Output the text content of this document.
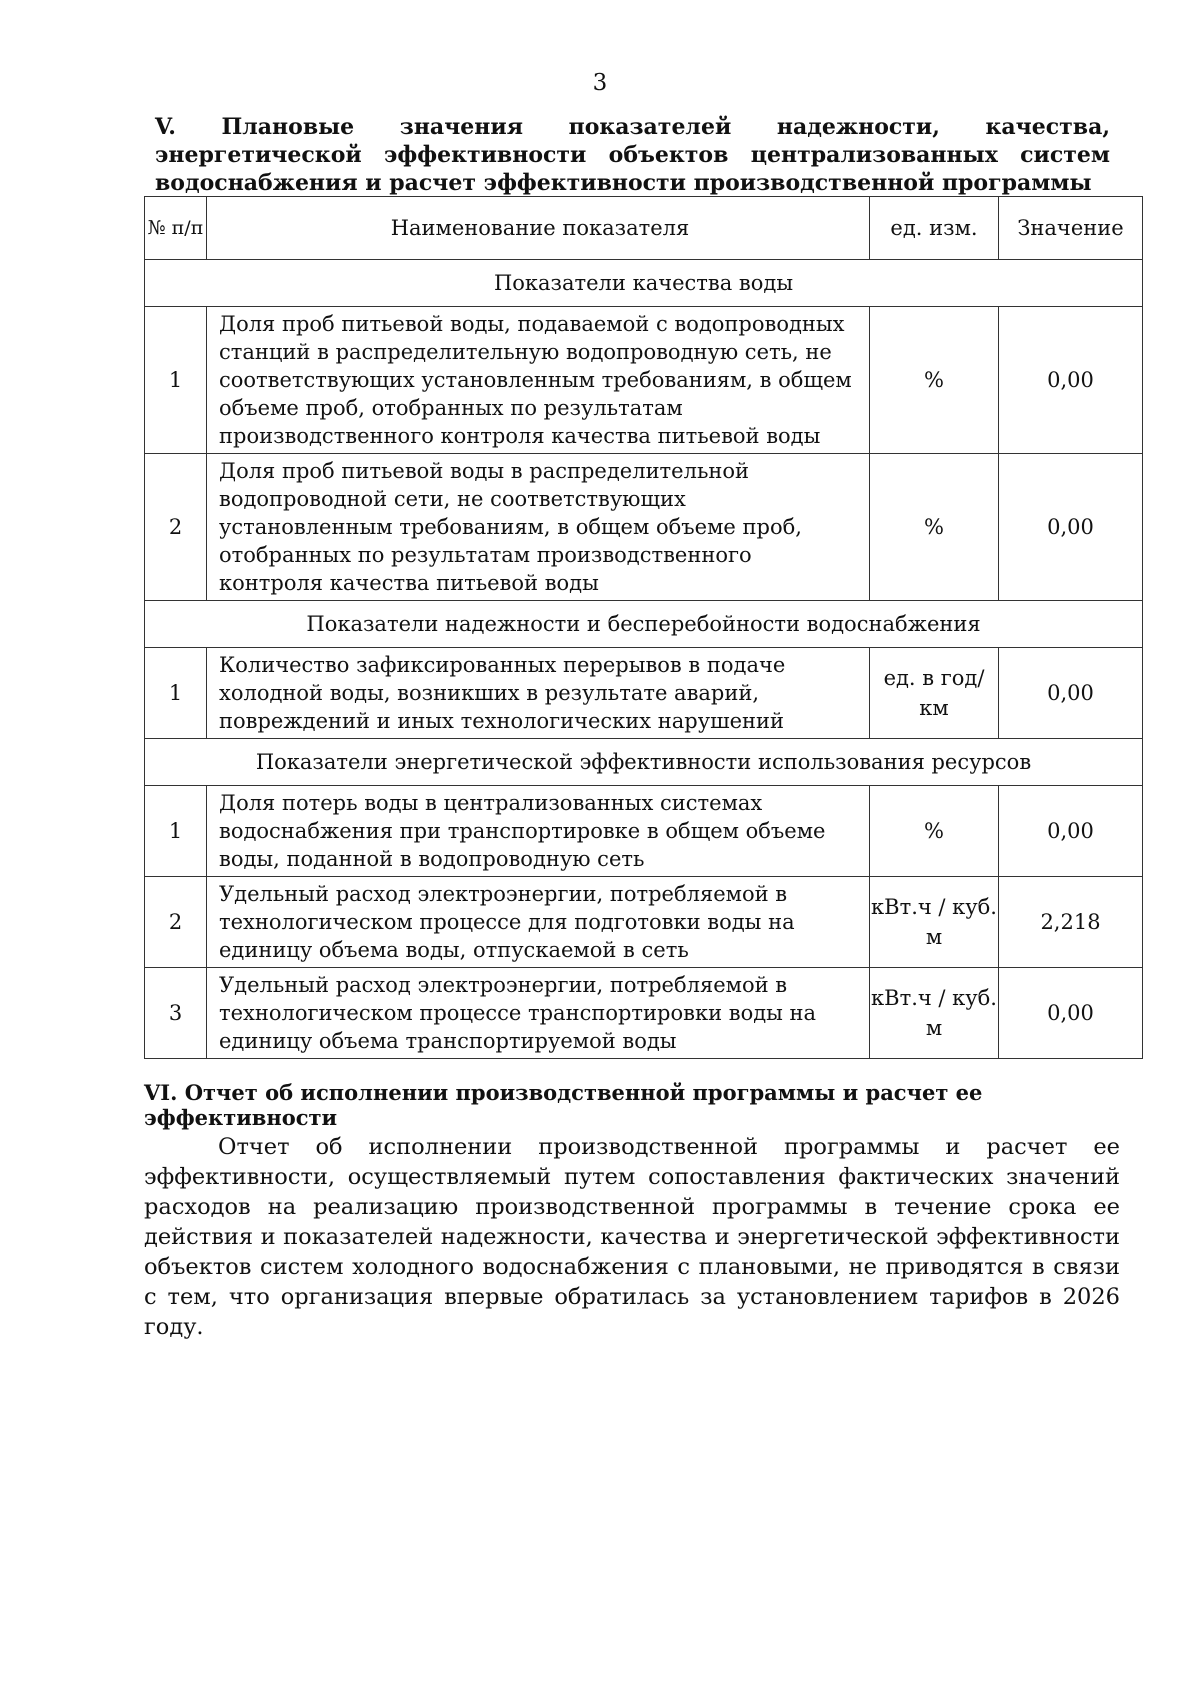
3
V. Плановые значения показателей надежности, качества, энергетической эффективности объектов централизованных систем водоснабжения и расчет эффективности производственной программы
№ п/п	Наименование показателя	ед. изм.	Значение
Показатели качества воды			
1	Доля проб питьевой воды, подаваемой с водопроводных станций в распределительную водопроводную сеть, не соответствующих установленным требованиям, в общем объеме проб, отобранных по результатам производственного контроля качества питьевой воды	%	0,00
2	Доля проб питьевой воды в распределительной водопроводной сети, не соответствующих установленным требованиям, в общем объеме проб, отобранных по результатам производственного контроля качества питьевой воды	%	0,00
Показатели надежности и бесперебойности водоснабжения			
1	Количество зафиксированных перерывов в подаче холодной воды, возникших в результате аварий, повреждений и иных технологических нарушений	ед. в год/ км	0,00
Показатели энергетической эффективности использования ресурсов			
1	Доля потерь воды в централизованных системах водоснабжения при транспортировке в общем объеме воды, поданной в водопроводную сеть	%	0,00
2	Удельный расход электроэнергии, потребляемой в технологическом процессе для подготовки воды на единицу объема воды, отпускаемой в сеть	кВт.ч / куб. м	2,218
3	Удельный расход электроэнергии, потребляемой в технологическом процессе транспортировки воды на единицу объема транспортируемой воды	кВт.ч / куб. м	0,00
VI. Отчет об исполнении производственной программы и расчет ее эффективности
Отчет об исполнении производственной программы и расчет ее эффективности, осуществляемый путем сопоставления фактических значений расходов на реализацию производственной программы в течение срока ее действия и показателей надежности, качества и энергетической эффективности объектов систем холодного водоснабжения с плановыми, не приводятся в связи с тем, что организация впервые обратилась за установлением тарифов в 2026 году.
